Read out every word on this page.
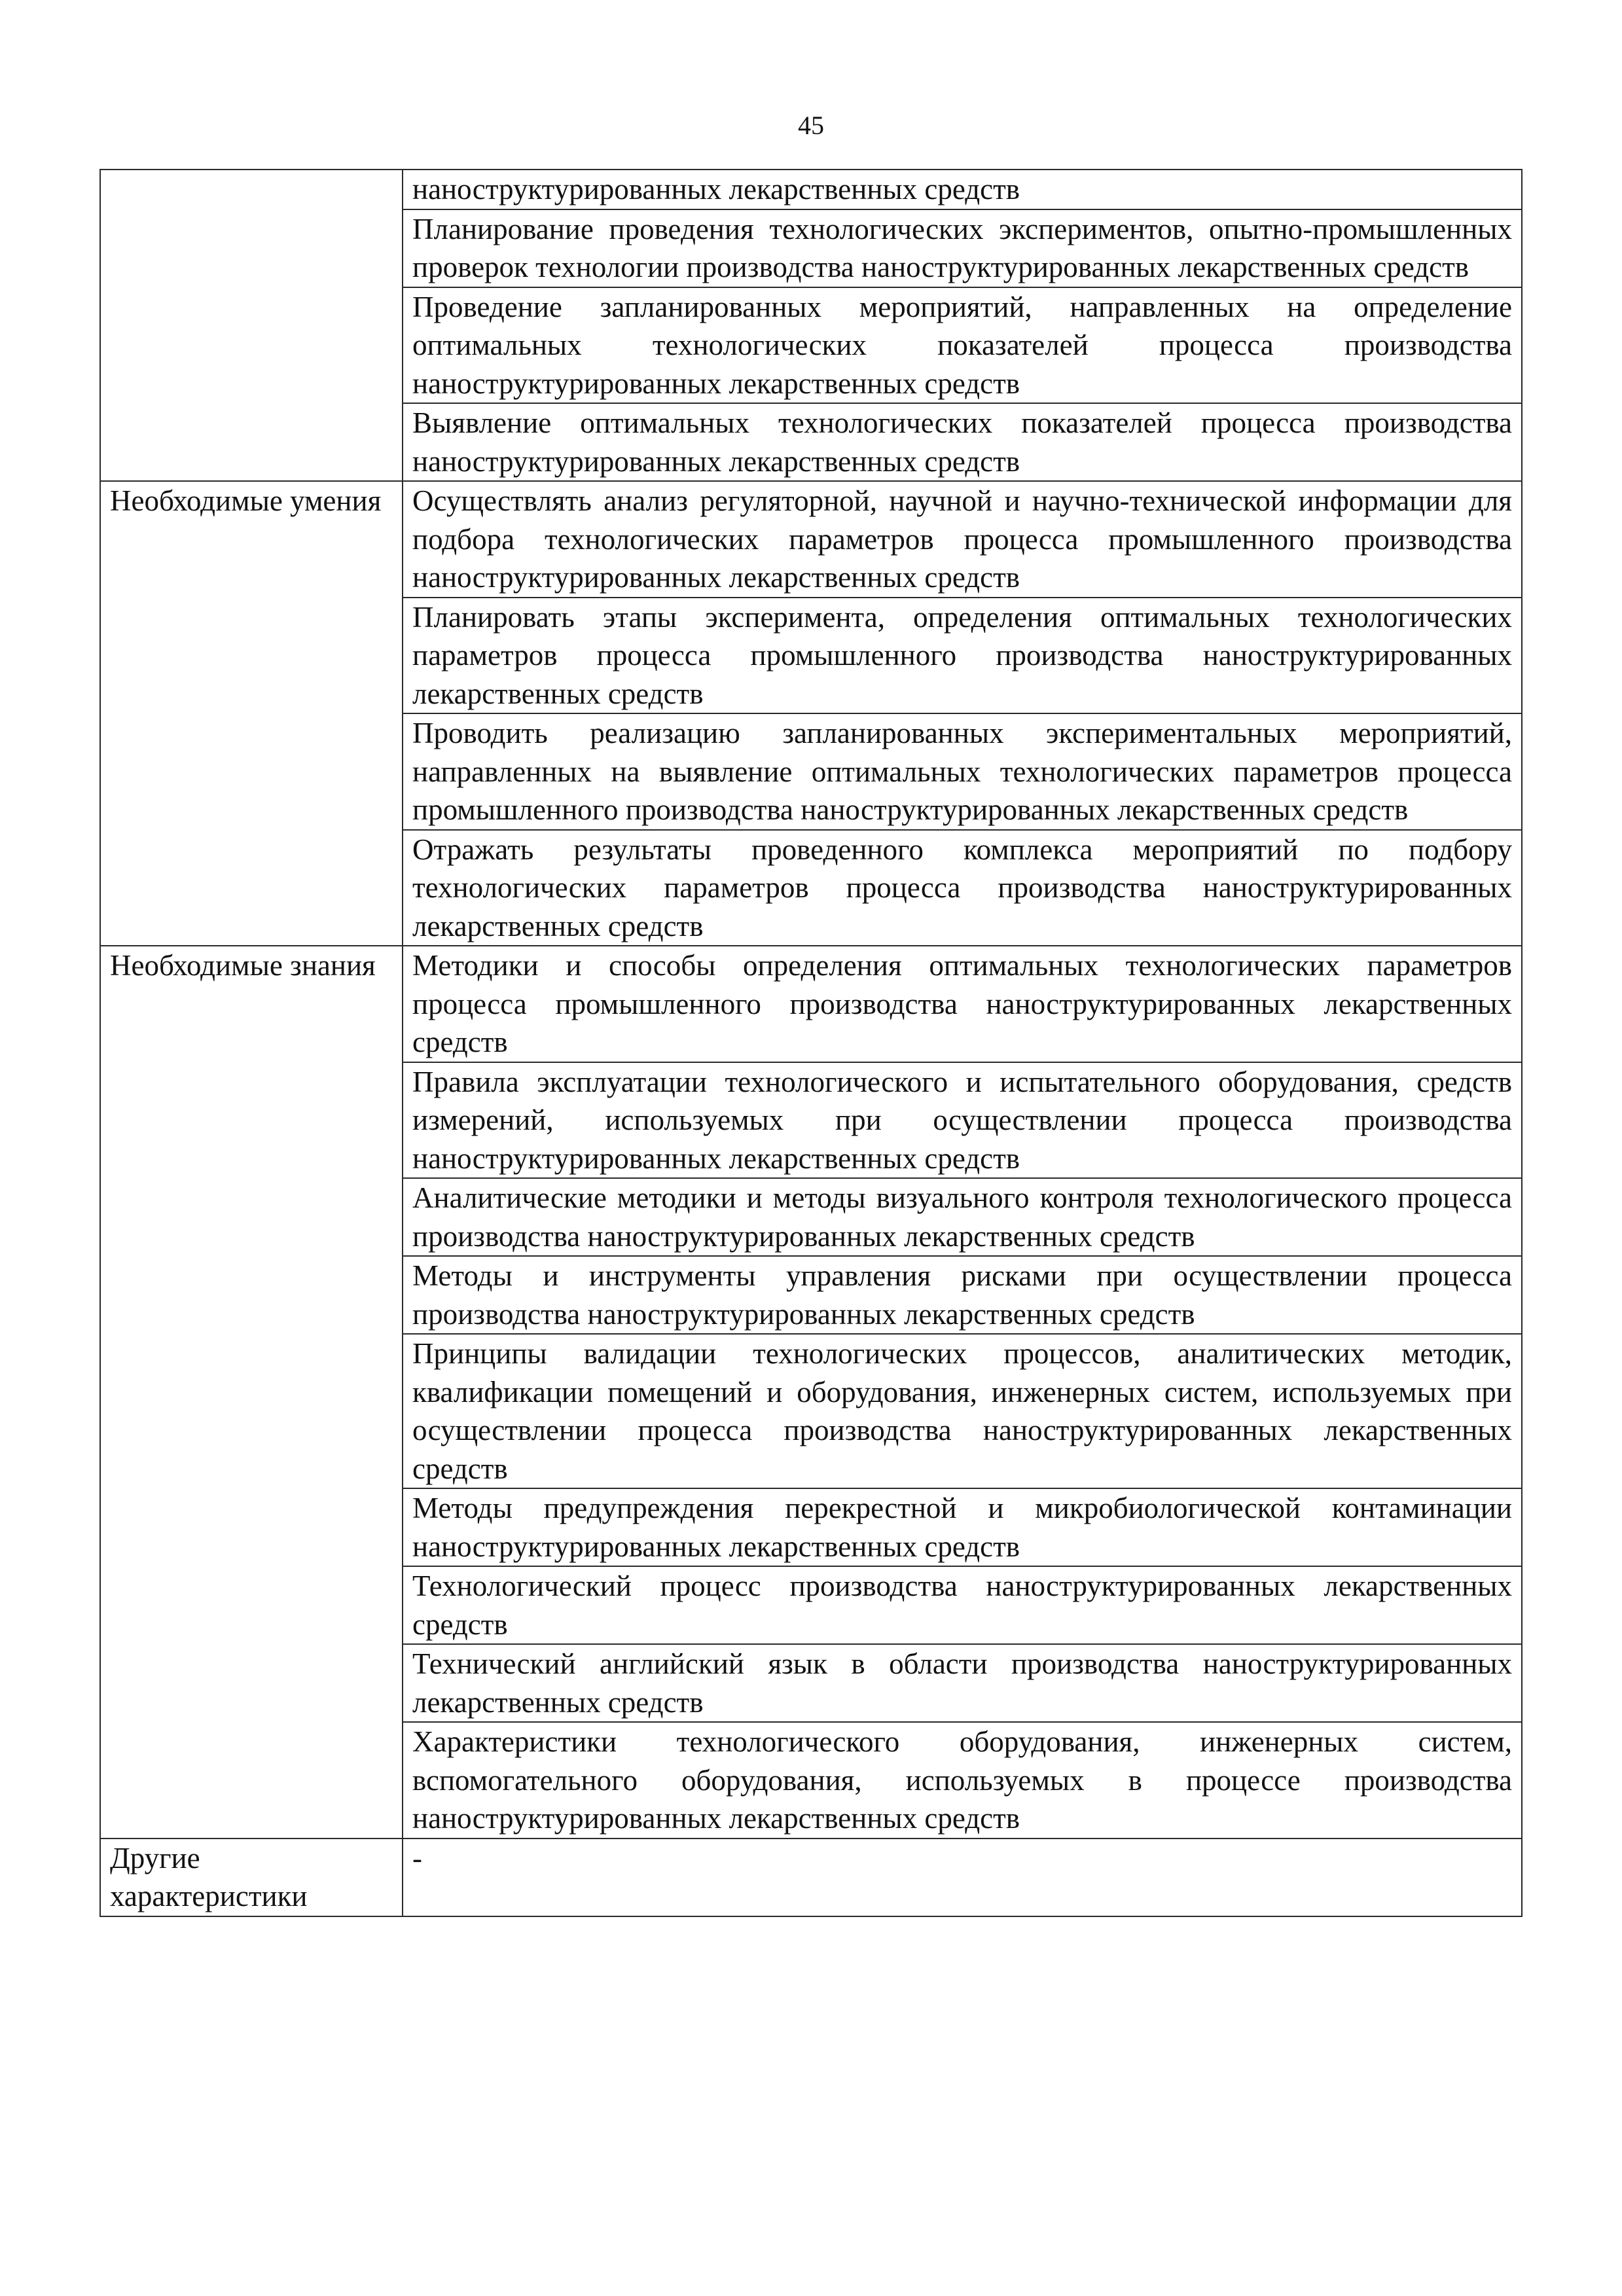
45
	наноструктурированных лекарственных средств
	Планирование проведения технологических экспериментов, опытно-промышленных проверок технологии производства наноструктурированных лекарственных средств
	Проведение запланированных мероприятий, направленных на определение оптимальных технологических показателей процесса производства наноструктурированных лекарственных средств
	Выявление оптимальных технологических показателей процесса производства наноструктурированных лекарственных средств
Необходимые умения	Осуществлять анализ регуляторной, научной и научно-технической информации для подбора технологических параметров процесса промышленного производства наноструктурированных лекарственных средств
	Планировать этапы эксперимента, определения оптимальных технологических параметров процесса промышленного производства наноструктурированных лекарственных средств
	Проводить реализацию запланированных экспериментальных мероприятий, направленных на выявление оптимальных технологических параметров процесса промышленного производства наноструктурированных лекарственных средств
	Отражать результаты проведенного комплекса мероприятий по подбору технологических параметров процесса производства наноструктурированных лекарственных средств
Необходимые знания	Методики и способы определения оптимальных технологических параметров процесса промышленного производства наноструктурированных лекарственных средств
	Правила эксплуатации технологического и испытательного оборудования, средств измерений, используемых при осуществлении процесса производства наноструктурированных лекарственных средств
	Аналитические методики и методы визуального контроля технологического процесса производства наноструктурированных лекарственных средств
	Методы и инструменты управления рисками при осуществлении процесса производства наноструктурированных лекарственных средств
	Принципы валидации технологических процессов, аналитических методик, квалификации помещений и оборудования, инженерных систем, используемых при осуществлении процесса производства наноструктурированных лекарственных средств
	Методы предупреждения перекрестной и микробиологической контаминации наноструктурированных лекарственных средств
	Технологический процесс производства наноструктурированных лекарственных средств
	Технический английский язык в области производства наноструктурированных лекарственных средств
	Характеристики технологического оборудования, инженерных систем, вспомогательного оборудования, используемых в процессе производства наноструктурированных лекарственных средств
Другие характеристики	-
